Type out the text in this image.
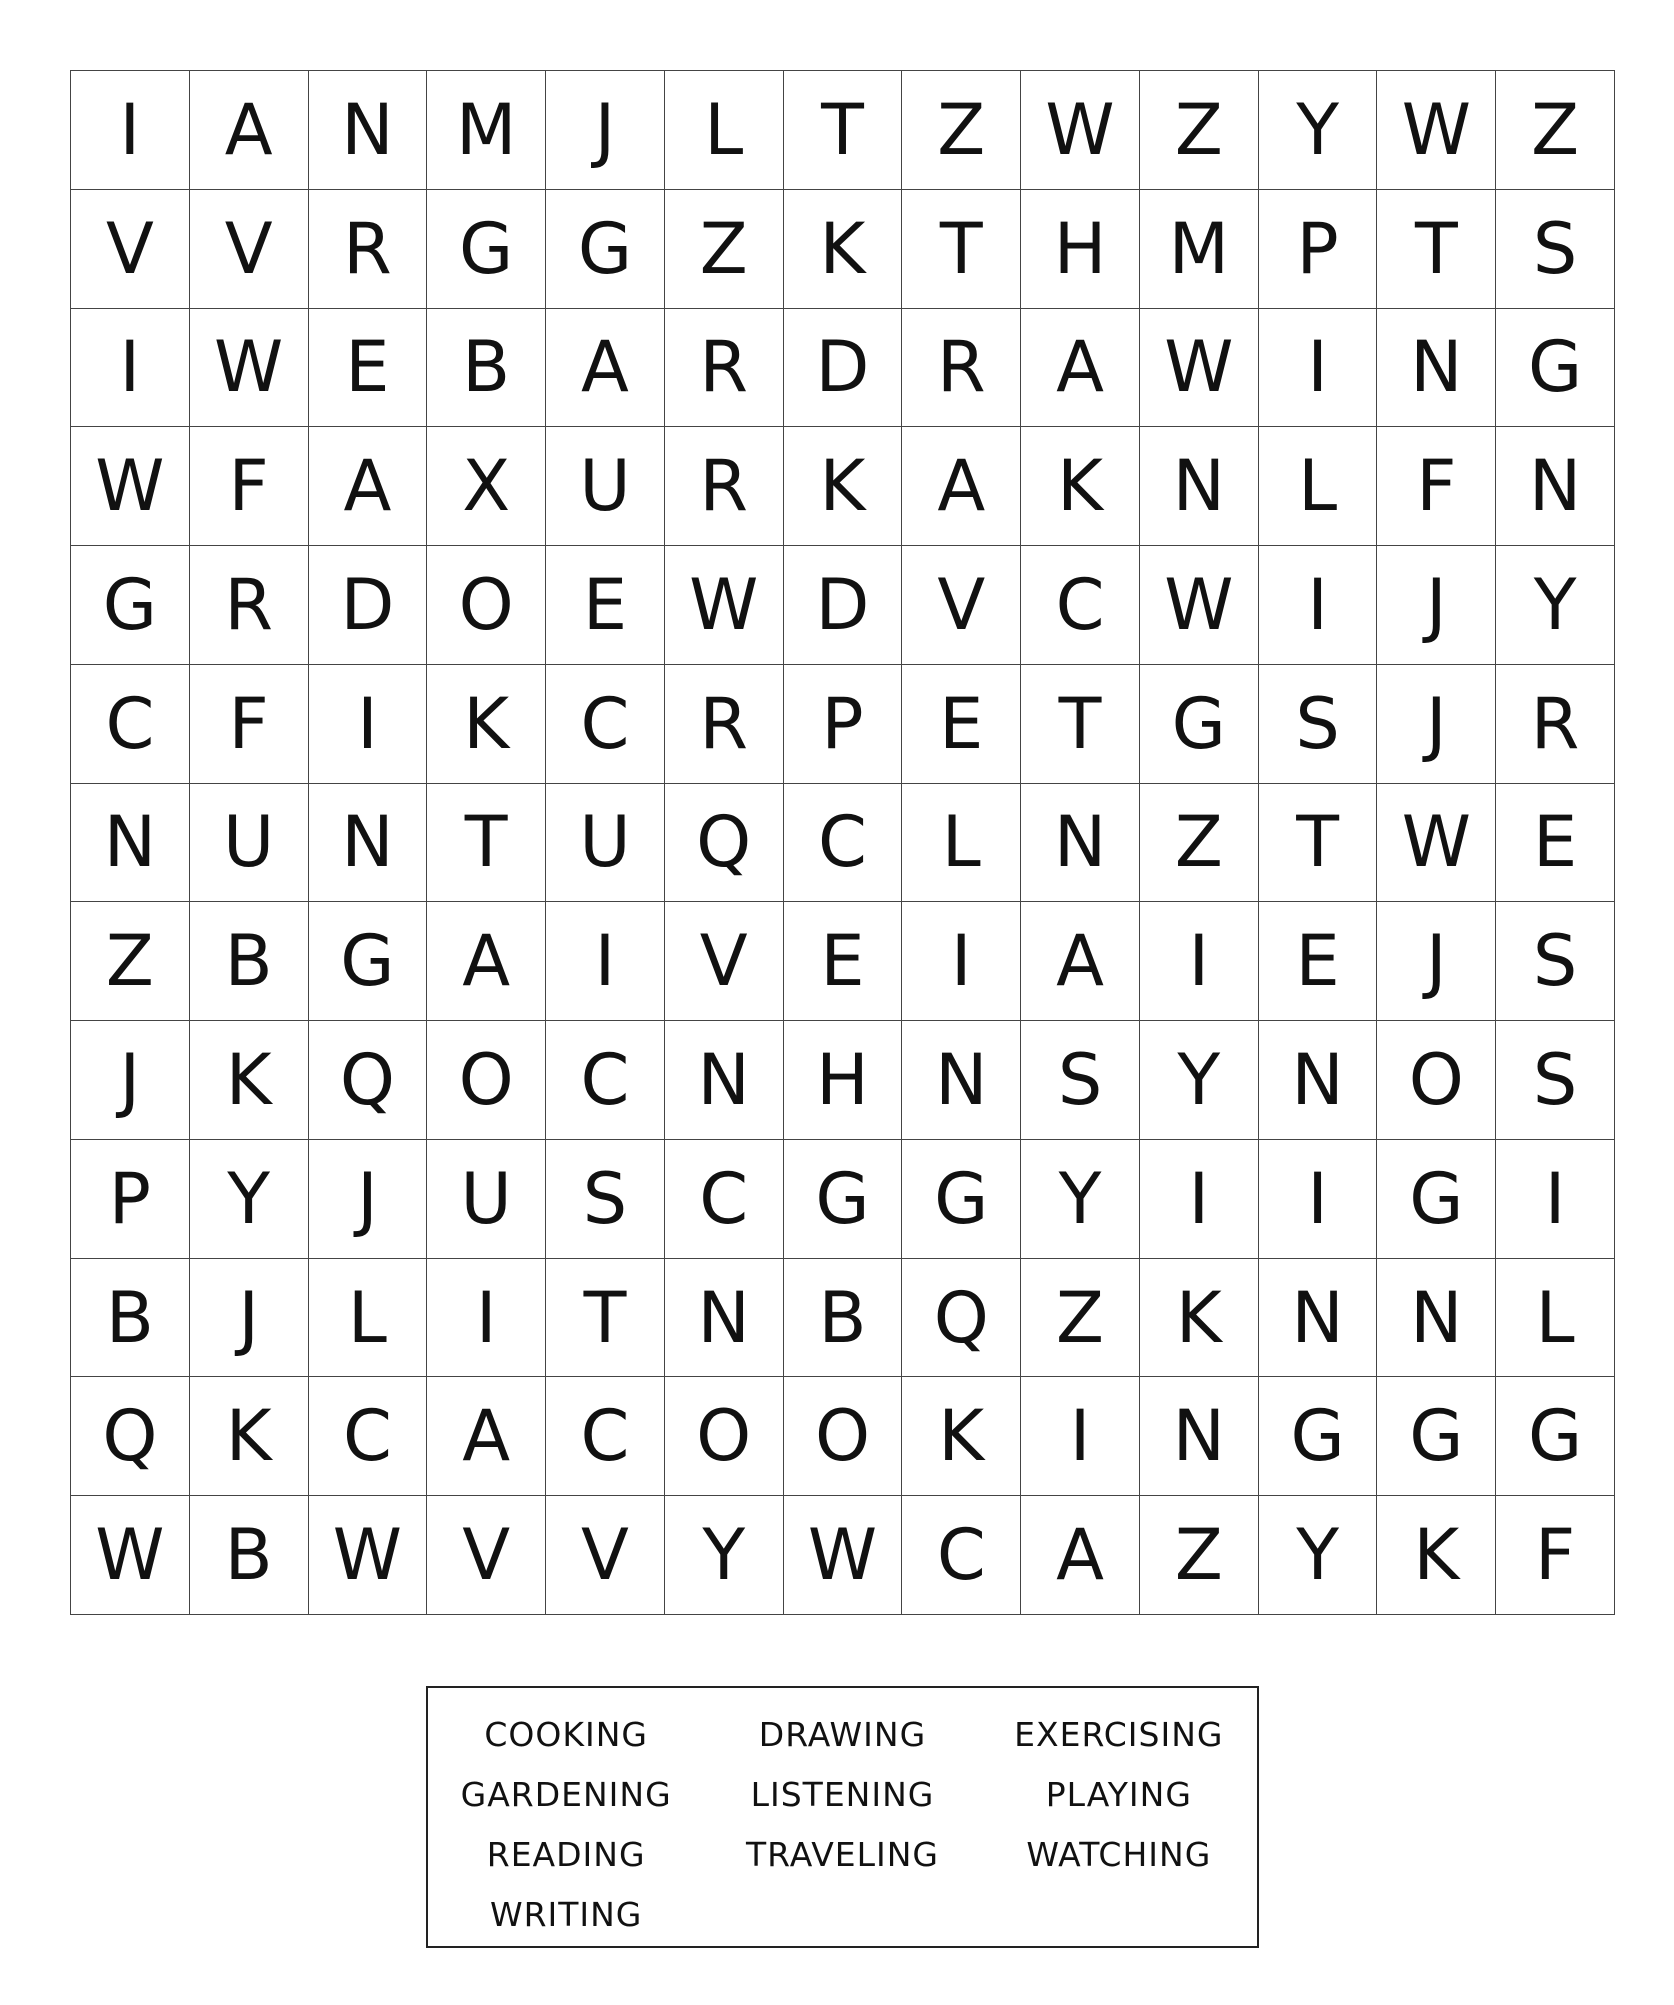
I	A N M	J	L	T	Z W Z	Y W Z
V	V	R G G Z	K	T	H M P	T	S
I	W E	B	A	R D R	A W	I	N G
W F	A	X U R	K	A	K N	L	F	N
G R D O E W D V	C W	I	J	Y
C	F	I	K	C	R	P	E	T	G S	J	R
N U N	T	U Q C	L	N Z	T W E
Z	B G A	I	V	E	I	A	I	E	J	S
J	K Q O C N H N	S	Y	N O S
P	Y	J	U	S	C G G	Y	I	I	G	I
B	J	L	I	T	N B Q Z	K N N	L
Q K	C	A	C O O K	I	N G G G
W B W V	V	Y W C	A	Z	Y	K	F
COOKING	DRAWING	EXERCISING
GARDENING LISTENING	PLAYING
READING	TRAVELING	WATCHING
WRITING
